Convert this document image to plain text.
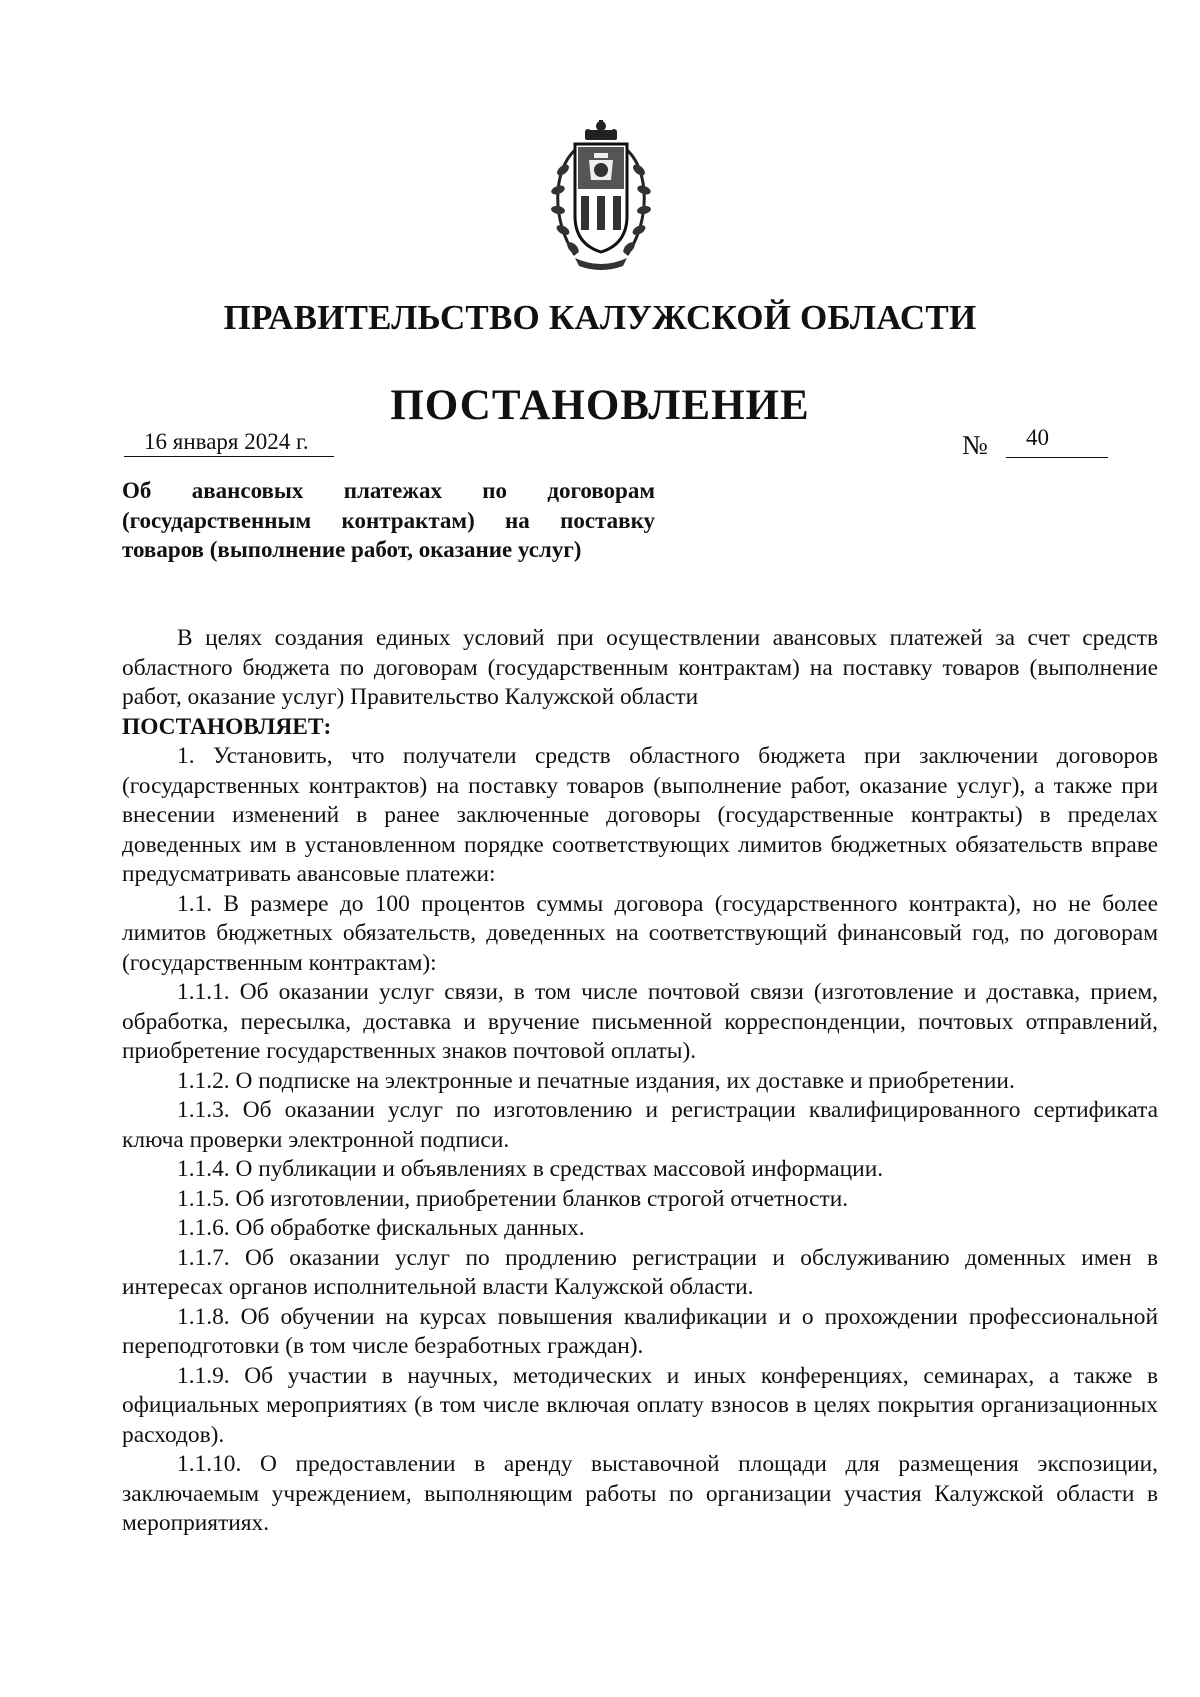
ПРАВИТЕЛЬСТВО КАЛУЖСКОЙ ОБЛАСТИ
ПОСТАНОВЛЕНИЕ
16 января 2024 г.	№	40

Об авансовых платежах по договорам (государственным контрактам) на поставку товаров (выполнение работ, оказание услуг)

В целях создания единых условий при осуществлении авансовых платежей за счет средств областного бюджета по договорам (государственным контрактам) на поставку товаров (выполнение работ, оказание услуг) Правительство Калужской области

ПОСТАНОВЛЯЕТ:

1. Установить, что получатели средств областного бюджета при заключении договоров (государственных контрактов) на поставку товаров (выполнение работ, оказание услуг), а также при внесении изменений в ранее заключенные договоры (государственные контракты) в пределах доведенных им в установленном порядке соответствующих лимитов бюджетных обязательств вправе предусматривать авансовые платежи:

1.1. В размере до 100 процентов суммы договора (государственного контракта), но не более лимитов бюджетных обязательств, доведенных на соответствующий финансовый год, по договорам (государственным контрактам):

1.1.1. Об оказании услуг связи, в том числе почтовой связи (изготовление и доставка, прием, обработка, пересылка, доставка и вручение письменной корреспонденции, почтовых отправлений, приобретение государственных знаков почтовой оплаты).

1.1.2. О подписке на электронные и печатные издания, их доставке и приобретении.

1.1.3. Об оказании услуг по изготовлению и регистрации квалифицированного сертификата ключа проверки электронной подписи.

1.1.4. О публикации и объявлениях в средствах массовой информации.

1.1.5. Об изготовлении, приобретении бланков строгой отчетности.

1.1.6. Об обработке фискальных данных.

1.1.7. Об оказании услуг по продлению регистрации и обслуживанию доменных имен в интересах органов исполнительной власти Калужской области.

1.1.8. Об обучении на курсах повышения квалификации и о прохождении профессиональной переподготовки (в том числе безработных граждан).

1.1.9. Об участии в научных, методических и иных конференциях, семинарах, а также в официальных мероприятиях (в том числе включая оплату взносов в целях покрытия организационных расходов).

1.1.10. О предоставлении в аренду выставочной площади для размещения экспозиции, заключаемым учреждением, выполняющим работы по организации участия Калужской области в мероприятиях.
